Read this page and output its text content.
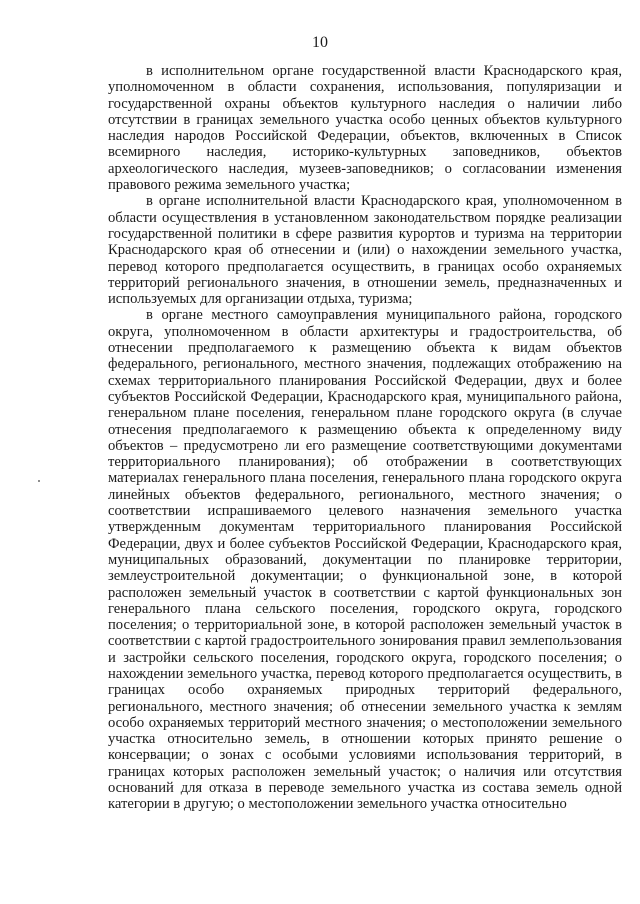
10

в исполнительном органе государственной власти Краснодарского края, уполномоченном в области сохранения, использования, популяризации и государственной охраны объектов культурного наследия о наличии либо отсутствии в границах земельного участка особо ценных объектов культурного наследия народов Российской Федерации, объектов, включенных в Список всемирного наследия, историко-культурных заповедников, объектов археологического наследия, музеев-заповедников; о согласовании изменения правового режима земельного участка;

в органе исполнительной власти Краснодарского края, уполномоченном в области осуществления в установленном законодательством порядке реализации государственной политики в сфере развития курортов и туризма на территории Краснодарского края об отнесении и (или) о нахождении земельного участка, перевод которого предполагается осуществить, в границах особо охраняемых территорий регионального значения, в отношении земель, предназначенных и используемых для организации отдыха, туризма;

в органе местного самоуправления муниципального района, городского округа, уполномоченном в области архитектуры и градостроительства, об отнесении предполагаемого к размещению объекта к видам объектов федерального, регионального, местного значения, подлежащих отображению на схемах территориального планирования Российской Федерации, двух и более субъектов Российской Федерации, Краснодарского края, муниципального района, генеральном плане поселения, генеральном плане городского округа (в случае отнесения предполагаемого к размещению объекта к определенному виду объектов – предусмотрено ли его размещение соответствующими документами территориального планирования); об отображении в соответствующих материалах генерального плана поселения, генерального плана городского округа линейных объектов федерального, регионального, местного значения; о соответствии испрашиваемого целевого назначения земельного участка утвержденным документам территориального планирования Российской Федерации, двух и более субъектов Российской Федерации, Краснодарского края, муниципальных образований, документации по планировке территории, землеустроительной документации; о функциональной зоне, в которой расположен земельный участок в соответствии с картой функциональных зон генерального плана сельского поселения, городского округа, городского поселения; о территориальной зоне, в которой расположен земельный участок в соответствии с картой градостроительного зонирования правил землепользования и застройки сельского поселения, городского округа, городского поселения; о нахождении земельного участка, перевод которого предполагается осуществить, в границах особо охраняемых природных территорий федерального, регионального, местного значения; об отнесении земельного участка к землям особо охраняемых территорий местного значения; о местоположении земельного участка относительно земель, в отношении которых принято решение о консервации; о зонах с особыми условиями использования территорий, в границах которых расположен земельный участок; о наличия или отсутствия оснований для отказа в переводе земельного участка из состава земель одной категории в другую; о местоположении земельного участка относительно
